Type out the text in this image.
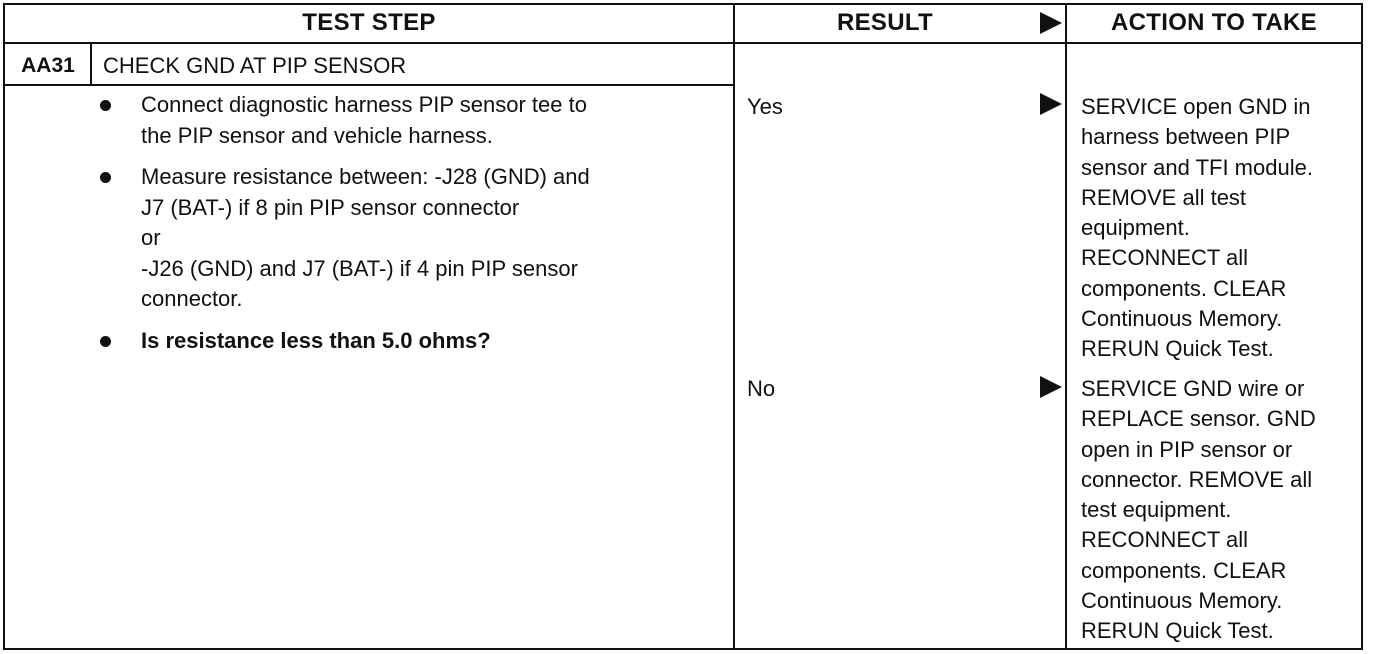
TEST STEP	RESULT	ACTION TO TAKE
AA31	CHECK GND AT PIP SENSOR
Connect diagnostic harness PIP sensor tee to
the PIP sensor and vehicle harness.
Measure resistance between: -J28 (GND) and
J7 (BAT-) if 8 pin PIP sensor connector
or
-J26 (GND) and J7 (BAT-) if 4 pin PIP sensor
connector.
Is resistance less than 5.0 ohms?
Yes	SERVICE open GND in
harness between PIP
sensor and TFI module.
REMOVE all test
equipment.
RECONNECT all
components. CLEAR
Continuous Memory.
RERUN Quick Test.
No	SERVICE GND wire or
REPLACE sensor. GND
open in PIP sensor or
connector. REMOVE all
test equipment.
RECONNECT all
components. CLEAR
Continuous Memory.
RERUN Quick Test.
